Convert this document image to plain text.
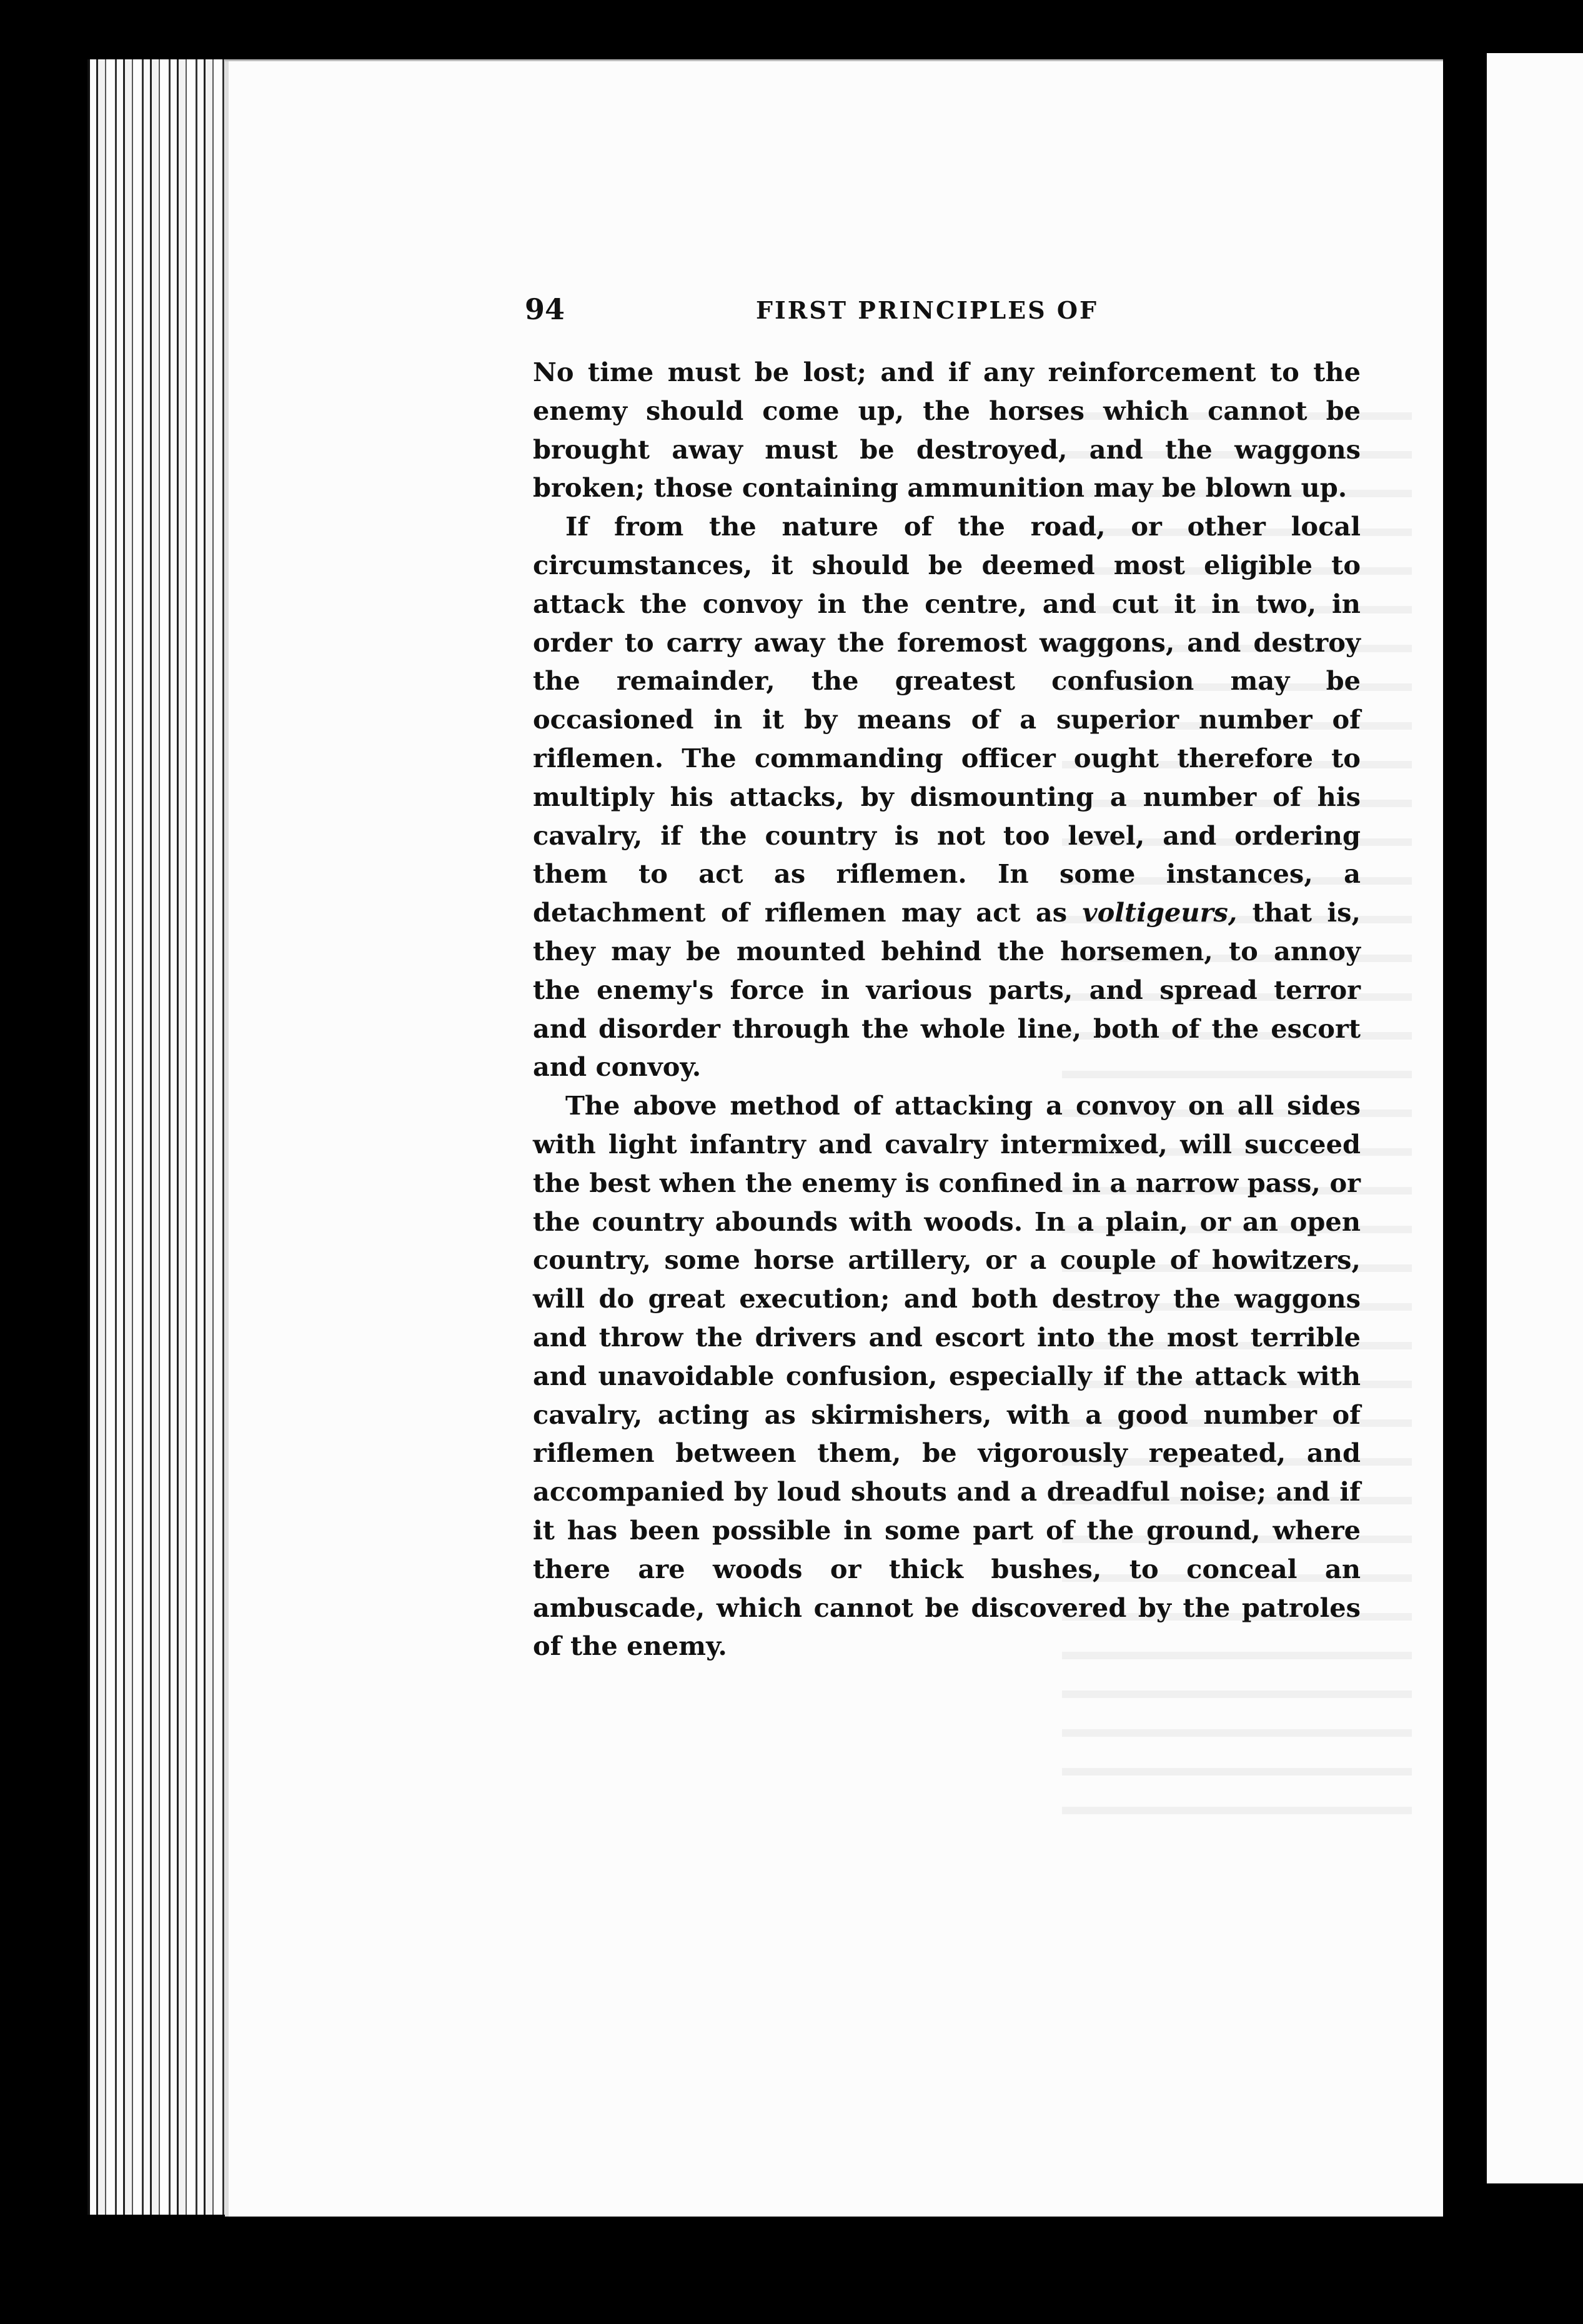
94	FIRST PRINCIPLES OF

No time must be lost; and if any reinforcement to the enemy should come up, the horses which cannot be brought away must be destroyed, and the waggons broken; those containing ammunition may be blown up.

If from the nature of the road, or other local circumstances, it should be deemed most eligible to attack the convoy in the centre, and cut it in two, in order to carry away the foremost waggons, and destroy the remainder, the greatest confusion may be occasioned in it by means of a superior number of riflemen. The commanding officer ought therefore to multiply his attacks, by dismounting a number of his cavalry, if the country is not too level, and ordering them to act as riflemen. In some instances, a detachment of riflemen may act as voltigeurs, that is, they may be mounted behind the horsemen, to annoy the enemy's force in various parts, and spread terror and disorder through the whole line, both of the escort and convoy.

The above method of attacking a convoy on all sides with light infantry and cavalry intermixed, will succeed the best when the enemy is confined in a narrow pass, or the country abounds with woods. In a plain, or an open country, some horse artillery, or a couple of howitzers, will do great execution; and both destroy the waggons and throw the drivers and escort into the most terrible and unavoidable confusion, especially if the attack with cavalry, acting as skirmishers, with a good number of riflemen between them, be vigorously repeated, and accompanied by loud shouts and a dreadful noise; and if it has been possible in some part of the ground, where there are woods or thick bushes, to conceal an ambuscade, which cannot be discovered by the patroles of the enemy.
